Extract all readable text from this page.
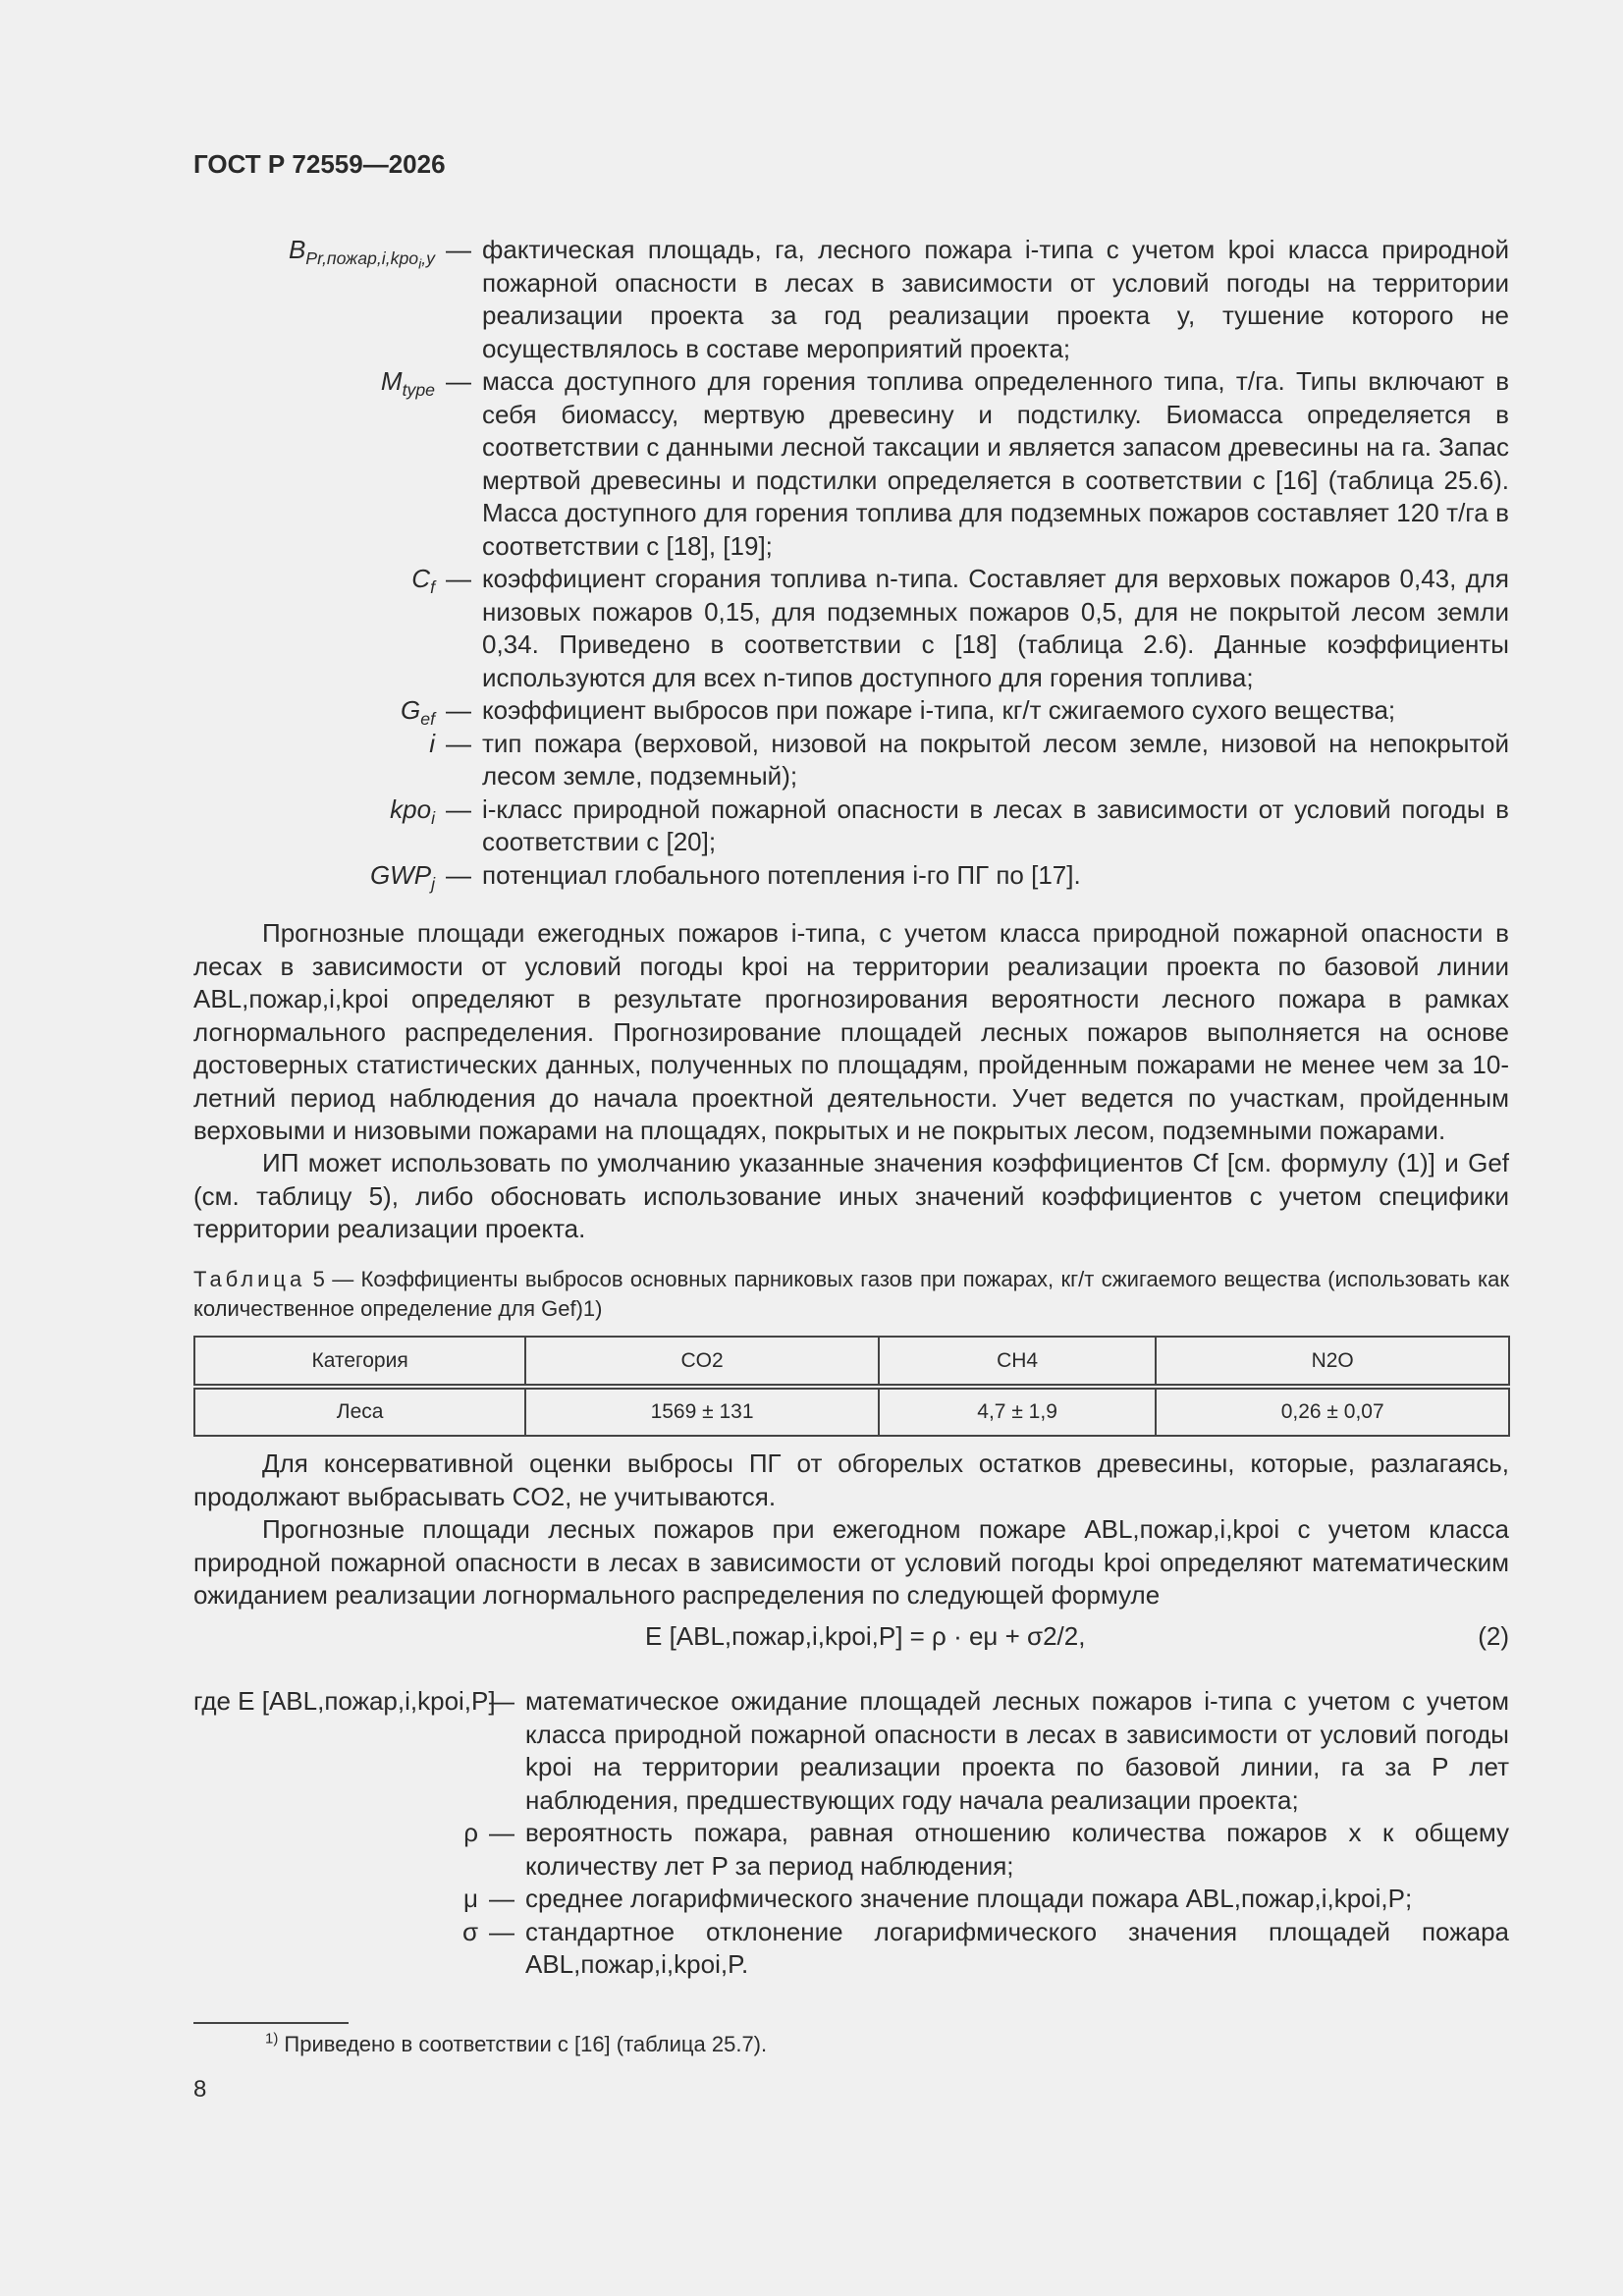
ГОСТ Р 72559—2026
$B_{Pr,пожар,i,kpo_i,y}$ — фактическая площадь, га, лесного пожара i-типа с учетом kpoi класса природной пожарной опасности в лесах в зависимости от условий погоды на территории реализации проекта за год реализации проекта y, тушение которого не осуществлялось в составе мероприятий проекта;
$M_{type}$ — масса доступного для горения топлива определенного типа, т/га. Типы включают в себя биомассу, мертвую древесину и подстилку. Биомасса определяется в соответствии с данными лесной таксации и является запасом древесины на га. Запас мертвой древесины и подстилки определяется в соответствии с [16] (таблица 25.6). Масса доступного для горения топлива для подземных пожаров составляет 120 т/га в соответствии с [18], [19];
$C_f$ — коэффициент сгорания топлива n-типа. Составляет для верховых пожаров 0,43, для низовых пожаров 0,15, для подземных пожаров 0,5, для не покрытой лесом земли 0,34. Приведено в соответствии с [18] (таблица 2.6). Данные коэффициенты используются для всех n-типов доступного для горения топлива;
$G_{ef}$ — коэффициент выбросов при пожаре i-типа, кг/т сжигаемого сухого вещества;
i — тип пожара (верховой, низовой на покрытой лесом земле, низовой на непокрытой лесом земле, подземный);
kpo$_i$ — i-класс природной пожарной опасности в лесах в зависимости от условий погоды в соответствии с [20];
$GWP_j$ — потенциал глобального потепления i-го ПГ по [17].
Прогнозные площади ежегодных пожаров i-типа, с учетом класса природной пожарной опасности в лесах в зависимости от условий погоды kpoi на территории реализации проекта по базовой линии ABL,пожар,i,kpoi определяют в результате прогнозирования вероятности лесного пожара в рамках логнормального распределения. Прогнозирование площадей лесных пожаров выполняется на основе достоверных статистических данных, полученных по площадям, пройденным пожарами не менее чем за 10-летний период наблюдения до начала проектной деятельности. Учет ведется по участкам, пройденным верховыми и низовыми пожарами на площадях, покрытых и не покрытых лесом, подземными пожарами.
ИП может использовать по умолчанию указанные значения коэффициентов Cf [см. формулу (1)] и Gef (см. таблицу 5), либо обосновать использование иных значений коэффициентов с учетом специфики территории реализации проекта.
Таблица 5 — Коэффициенты выбросов основных парниковых газов при пожарах, кг/т сжигаемого вещества (использовать как количественное определение для Gef)1)
Категория	CO2	CH4	N2O
Леса	1569 ± 131	4,7 ± 1,9	0,26 ± 0,07
Для консервативной оценки выбросы ПГ от обгорелых остатков древесины, которые, разлагаясь, продолжают выбрасывать CO2, не учитываются.
Прогнозные площади лесных пожаров при ежегодном пожаре ABL,пожар,i,kpoi с учетом класса природной пожарной опасности в лесах в зависимости от условий погоды kpoi определяют математическим ожиданием реализации логнормального распределения по следующей формуле
E [ABL,пожар,i,kpoi,P] = ρ · eμ + σ2/2,	(2)
где E [ABL,пожар,i,kpoi,P]
— математическое ожидание площадей лесных пожаров i-типа с учетом с учетом класса природной пожарной опасности в лесах в зависимости от условий погоды kpoi на территории реализации проекта по базовой линии, га за P лет наблюдения, предшествующих году начала реализации проекта;
ρ — вероятность пожара, равная отношению количества пожаров x к общему количеству лет P за период наблюдения;
μ — среднее логарифмического значение площади пожара ABL,пожар,i,kpoi,P;
σ — стандартное отклонение логарифмического значения площадей пожара ABL,пожар,i,kpoi,P.
$^{1)}$ Приведено в соответствии с [16] (таблица 25.7).
8
